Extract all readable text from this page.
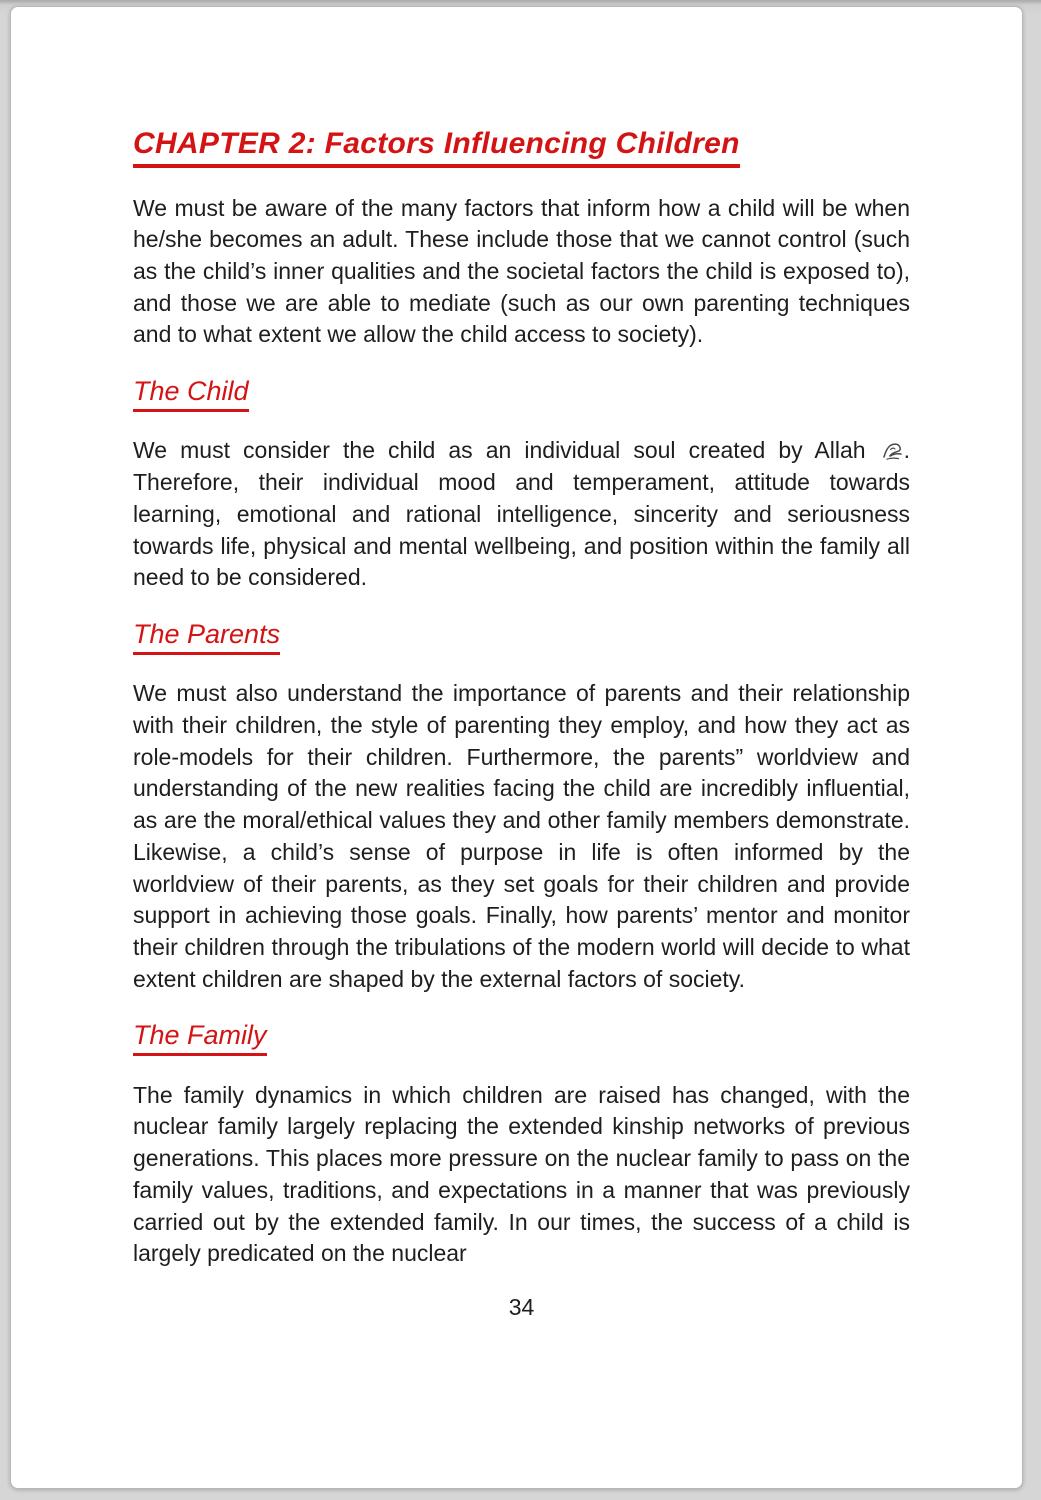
CHAPTER 2: Factors Influencing Children

We must be aware of the many factors that inform how a child will be when he/she becomes an adult. These include those that we cannot control (such as the child’s inner qualities and the societal factors the child is exposed to), and those we are able to mediate (such as our own parenting techniques and to what extent we allow the child access to society).

The Child

We must consider the child as an individual soul created by Allah . Therefore, their individual mood and temperament, attitude towards learning, emotional and rational intelligence, sincerity and seriousness towards life, physical and mental wellbeing, and position within the family all need to be considered.

The Parents

We must also understand the importance of parents and their relationship with their children, the style of parenting they employ, and how they act as role-models for their children. Furthermore, the parents” worldview and understanding of the new realities facing the child are incredibly influential, as are the moral/ethical values they and other family members demonstrate. Likewise, a child’s sense of purpose in life is often informed by the worldview of their parents, as they set goals for their children and provide support in achieving those goals. Finally, how parents’ mentor and monitor their children through the tribulations of the modern world will decide to what extent children are shaped by the external factors of society.

The Family

The family dynamics in which children are raised has changed, with the nuclear family largely replacing the extended kinship networks of previous generations. This places more pressure on the nuclear family to pass on the family values, traditions, and expectations in a manner that was previously carried out by the extended family. In our times, the success of a child is largely predicated on the nuclear

34
